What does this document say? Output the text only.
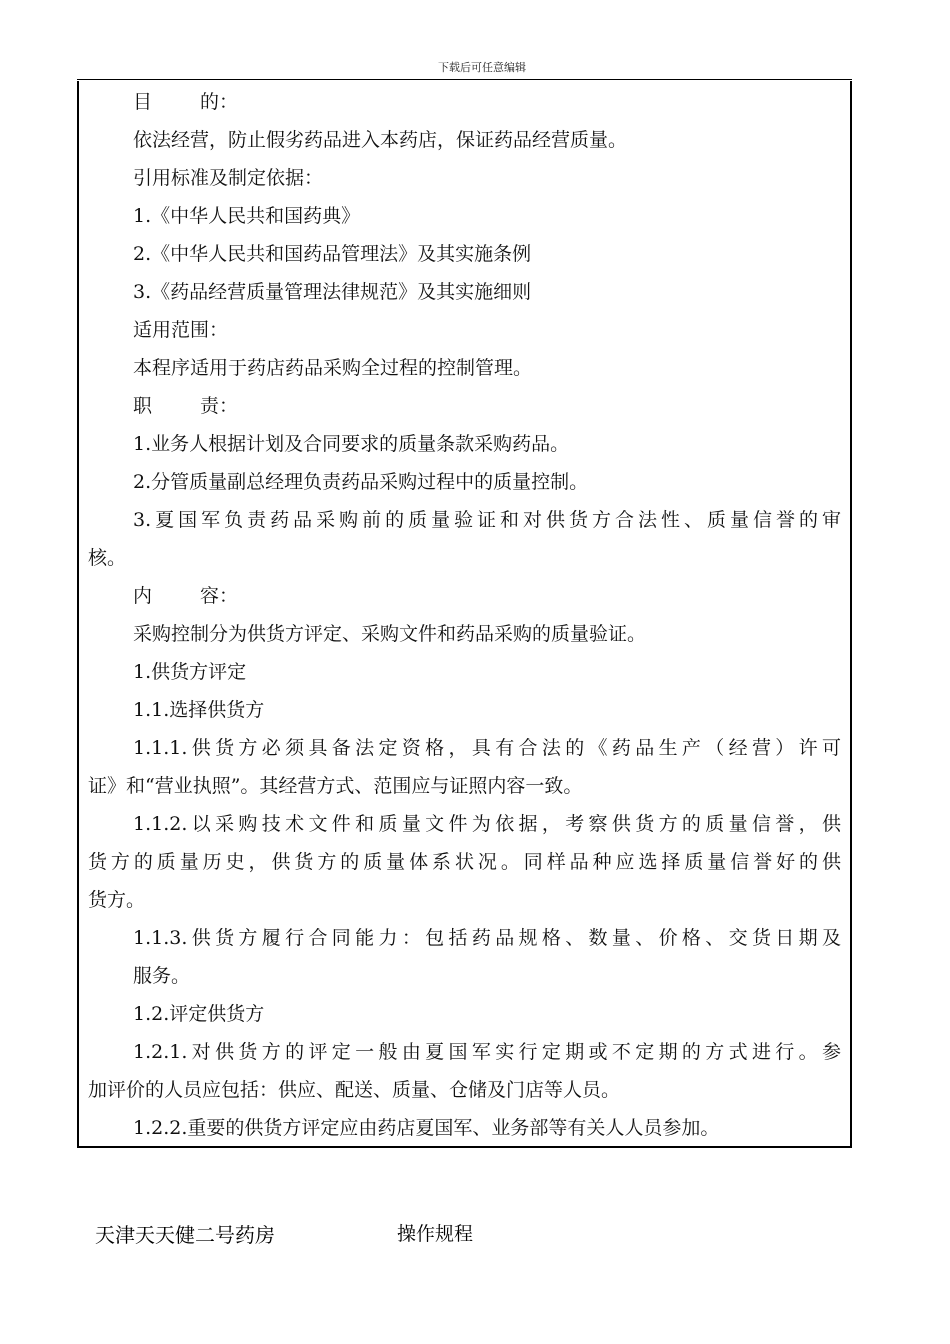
下载后可任意编辑
目	的：
依法经营，防止假劣药品进入本药店，保证药品经营质量。
引用标准及制定依据：
1.《中华人民共和国药典》
2.《中华人民共和国药品管理法》及其实施条例
3.《药品经营质量管理法律规范》及其实施细则
适用范围：
本程序适用于药店药品采购全过程的控制管理。
职	责：
1.业务人根据计划及合同要求的质量条款采购药品。
2.分管质量副总经理负责药品采购过程中的质量控制。
3.夏国军负责药品采购前的质量验证和对供货方合法性、质量信誉的审
核。
内	容：
采购控制分为供货方评定、采购文件和药品采购的质量验证。
1.供货方评定
1.1.选择供货方
1.1.1.供货方必须具备法定资格，具有合法的《药品生产（经营）许可
证》和“营业执照”。其经营方式、范围应与证照内容一致。
1.1.2.以采购技术文件和质量文件为依据，考察供货方的质量信誉，供
货方的质量历史，供货方的质量体系状况。同样品种应选择质量信誉好的供
货方。
1.1.3.供货方履行合同能力：包括药品规格、数量、价格、交货日期及
服务。
1.2.评定供货方
1.2.1.对供货方的评定一般由夏国军实行定期或不定期的方式进行。参
加评价的人员应包括：供应、配送、质量、仓储及门店等人员。
1.2.2.重要的供货方评定应由药店夏国军、业务部等有关人人员参加。
天津天天健二号药房	操作规程
